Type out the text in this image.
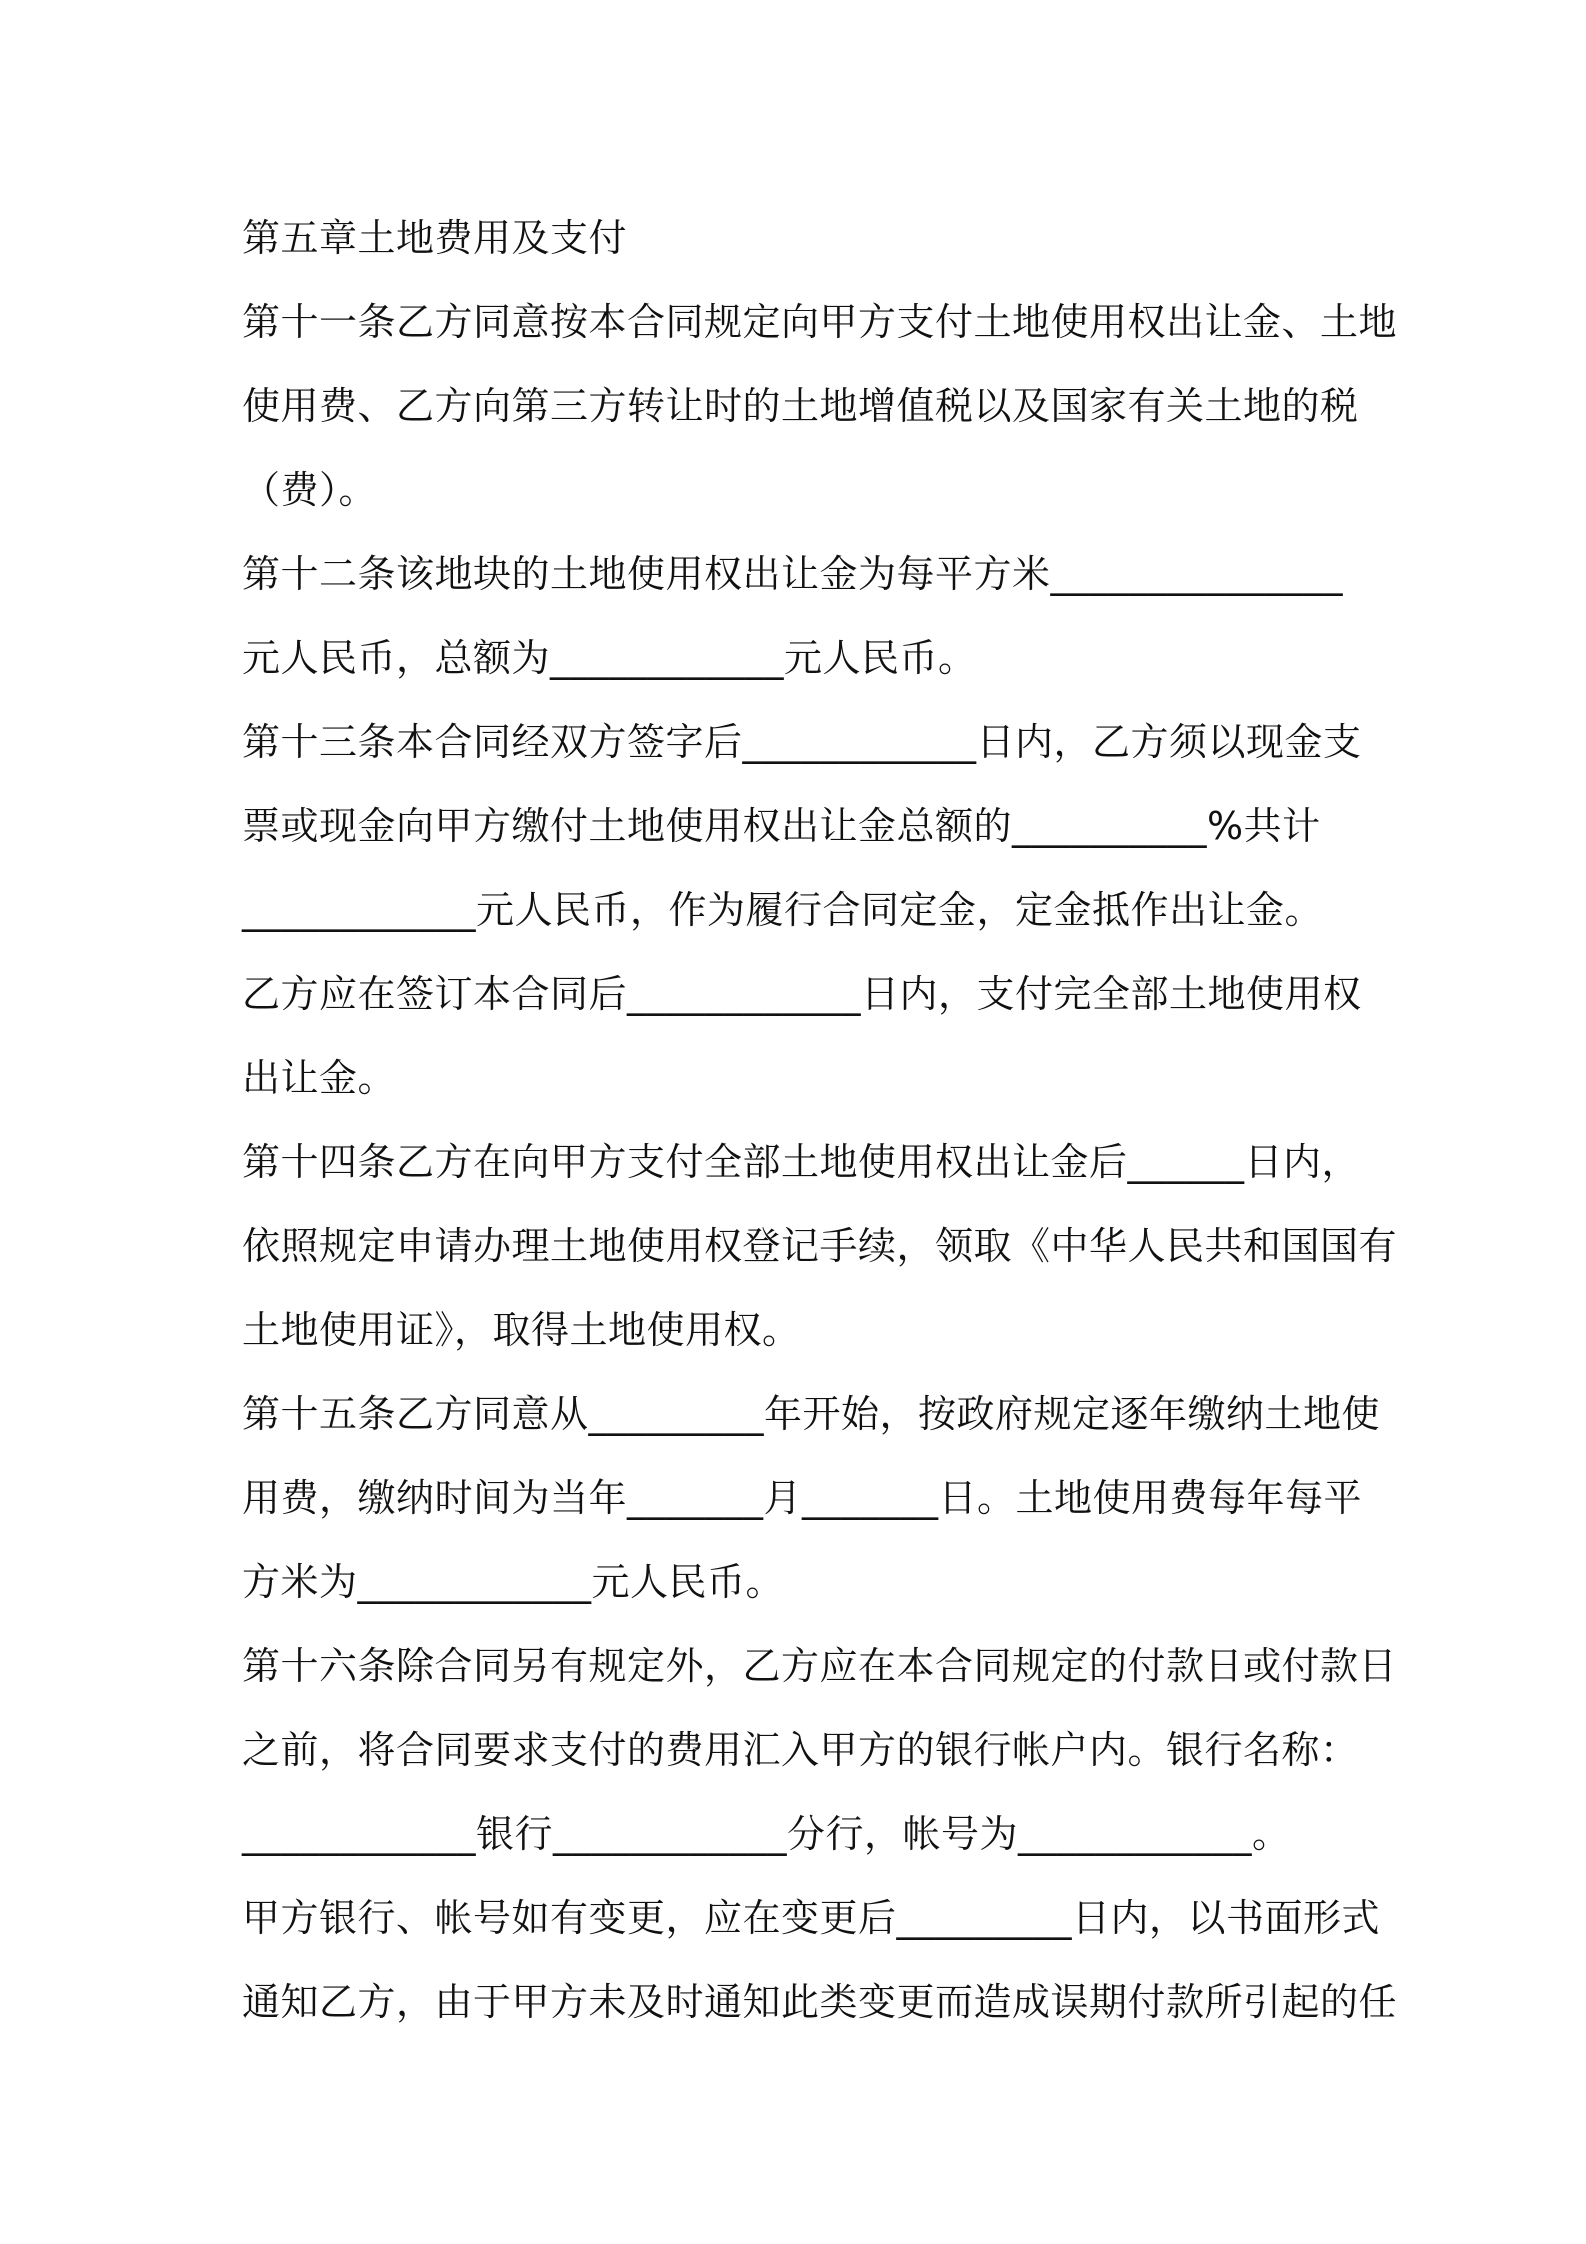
第五章土地费用及支付
第十一条乙方同意按本合同规定向甲方支付土地使用权出让金、土地
使用费、乙方向第三方转让时的土地增值税以及国家有关土地的税
（费）。
第十二条该地块的土地使用权出让金为每平方米_______________
元人民币，总额为____________元人民币。
第十三条本合同经双方签字后____________日内，乙方须以现金支
票或现金向甲方缴付土地使用权出让金总额的__________%共计
____________元人民币，作为履行合同定金，定金抵作出让金。
乙方应在签订本合同后____________日内，支付完全部土地使用权
出让金。
第十四条乙方在向甲方支付全部土地使用权出让金后______日内，
依照规定申请办理土地使用权登记手续，领取《中华人民共和国国有
土地使用证》，取得土地使用权。
第十五条乙方同意从_________年开始，按政府规定逐年缴纳土地使
用费，缴纳时间为当年_______月_______日。土地使用费每年每平
方米为____________元人民币。
第十六条除合同另有规定外，乙方应在本合同规定的付款日或付款日
之前，将合同要求支付的费用汇入甲方的银行帐户内。银行名称：
____________银行____________分行，帐号为____________。
甲方银行、帐号如有变更，应在变更后_________日内，以书面形式
通知乙方，由于甲方未及时通知此类变更而造成误期付款所引起的任
